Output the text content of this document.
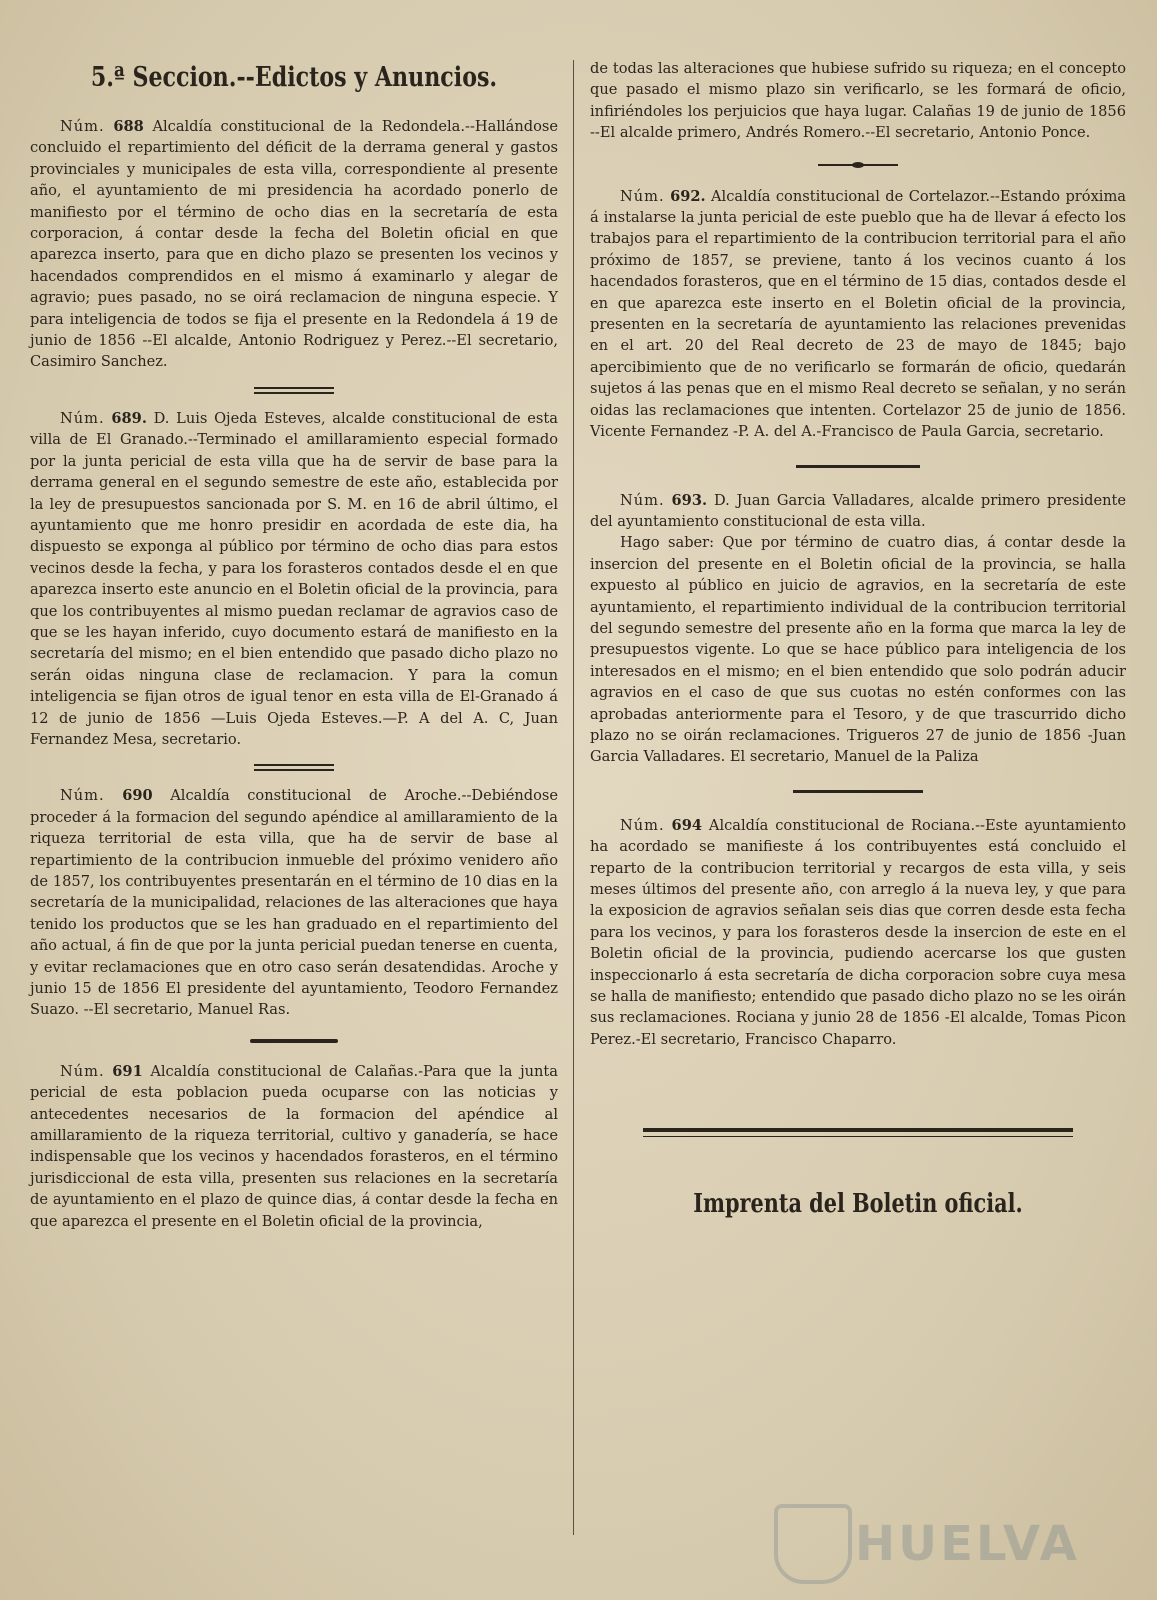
5.ª Seccion.--Edictos y Anuncios.

Núm. 688 Alcaldía constitucional de la Redondela.--Hallándose concluido el repartimiento del déficit de la derrama general y gastos provinciales y municipales de esta villa, correspondiente al presente año, el ayuntamiento de mi presidencia ha acordado ponerlo de manifiesto por el término de ocho dias en la secretaría de esta corporacion, á contar desde la fecha del Boletin oficial en que aparezca inserto, para que en dicho plazo se presenten los vecinos y hacendados comprendidos en el mismo á examinarlo y alegar de agravio; pues pasado, no se oirá reclamacion de ninguna especie. Y para inteligencia de todos se fija el presente en la Redondela á 19 de junio de 1856 --El alcalde, Antonio Rodriguez y Perez.--El secretario, Casimiro Sanchez.

Núm. 689. D. Luis Ojeda Esteves, alcalde constitucional de esta villa de El Granado.--Terminado el amillaramiento especial formado por la junta pericial de esta villa que ha de servir de base para la derrama general en el segundo semestre de este año, establecida por la ley de presupuestos sancionada por S. M. en 16 de abril último, el ayuntamiento que me honro presidir en acordada de este dia, ha dispuesto se exponga al público por término de ocho dias para estos vecinos desde la fecha, y para los forasteros contados desde el en que aparezca inserto este anuncio en el Boletin oficial de la provincia, para que los contribuyentes al mismo puedan reclamar de agravios caso de que se les hayan inferido, cuyo documento estará de manifiesto en la secretaría del mismo; en el bien entendido que pasado dicho plazo no serán oidas ninguna clase de reclamacion. Y para la comun inteligencia se fijan otros de igual tenor en esta villa de El-Granado á 12 de junio de 1856 —Luis Ojeda Esteves.—P. A del A. C, Juan Fernandez Mesa, secretario.

Núm. 690 Alcaldía constitucional de Aroche.--Debiéndose proceder á la formacion del segundo apéndice al amillaramiento de la riqueza territorial de esta villa, que ha de servir de base al repartimiento de la contribucion inmueble del próximo venidero año de 1857, los contribuyentes presentarán en el término de 10 dias en la secretaría de la municipalidad, relaciones de las alteraciones que haya tenido los productos que se les han graduado en el repartimiento del año actual, á fin de que por la junta pericial puedan tenerse en cuenta, y evitar reclamaciones que en otro caso serán desatendidas. Aroche y junio 15 de 1856 El presidente del ayuntamiento, Teodoro Fernandez Suazo. --El secretario, Manuel Ras.

Núm. 691 Alcaldía constitucional de Calañas.-Para que la junta pericial de esta poblacion pueda ocuparse con las noticias y antecedentes necesarios de la formacion del apéndice al amillaramiento de la riqueza territorial, cultivo y ganadería, se hace indispensable que los vecinos y hacendados forasteros, en el término jurisdiccional de esta villa, presenten sus relaciones en la secretaría de ayuntamiento en el plazo de quince dias, á contar desde la fecha en que aparezca el presente en el Boletin oficial de la provincia,

de todas las alteraciones que hubiese sufrido su riqueza; en el concepto que pasado el mismo plazo sin verificarlo, se les formará de oficio, infiriéndoles los perjuicios que haya lugar. Calañas 19 de junio de 1856 --El alcalde primero, Andrés Romero.--El secretario, Antonio Ponce.

Núm. 692. Alcaldía constitucional de Cortelazor.--Estando próxima á instalarse la junta pericial de este pueblo que ha de llevar á efecto los trabajos para el repartimiento de la contribucion territorial para el año próximo de 1857, se previene, tanto á los vecinos cuanto á los hacendados forasteros, que en el término de 15 dias, contados desde el en que aparezca este inserto en el Boletin oficial de la provincia, presenten en la secretaría de ayuntamiento las relaciones prevenidas en el art. 20 del Real decreto de 23 de mayo de 1845; bajo apercibimiento que de no verificarlo se formarán de oficio, quedarán sujetos á las penas que en el mismo Real decreto se señalan, y no serán oidas las reclamaciones que intenten. Cortelazor 25 de junio de 1856. Vicente Fernandez -P. A. del A.-Francisco de Paula Garcia, secretario.

Núm. 693. D. Juan Garcia Valladares, alcalde primero presidente del ayuntamiento constitucional de esta villa.

Hago saber: Que por término de cuatro dias, á contar desde la insercion del presente en el Boletin oficial de la provincia, se halla expuesto al público en juicio de agravios, en la secretaría de este ayuntamiento, el repartimiento individual de la contribucion territorial del segundo semestre del presente año en la forma que marca la ley de presupuestos vigente. Lo que se hace público para inteligencia de los interesados en el mismo; en el bien entendido que solo podrán aducir agravios en el caso de que sus cuotas no estén conformes con las aprobadas anteriormente para el Tesoro, y de que trascurrido dicho plazo no se oirán reclamaciones. Trigueros 27 de junio de 1856 -Juan Garcia Valladares. El secretario, Manuel de la Paliza

Núm. 694 Alcaldía constitucional de Rociana.--Este ayuntamiento ha acordado se manifieste á los contribuyentes está concluido el reparto de la contribucion territorial y recargos de esta villa, y seis meses últimos del presente año, con arreglo á la nueva ley, y que para la exposicion de agravios señalan seis dias que corren desde esta fecha para los vecinos, y para los forasteros desde la insercion de este en el Boletin oficial de la provincia, pudiendo acercarse los que gusten inspeccionarlo á esta secretaría de dicha corporacion sobre cuya mesa se halla de manifiesto; entendido que pasado dicho plazo no se les oirán sus reclamaciones. Rociana y junio 28 de 1856 -El alcalde, Tomas Picon Perez.-El secretario, Francisco Chaparro.

Imprenta del Boletin oficial.
HUELVA
